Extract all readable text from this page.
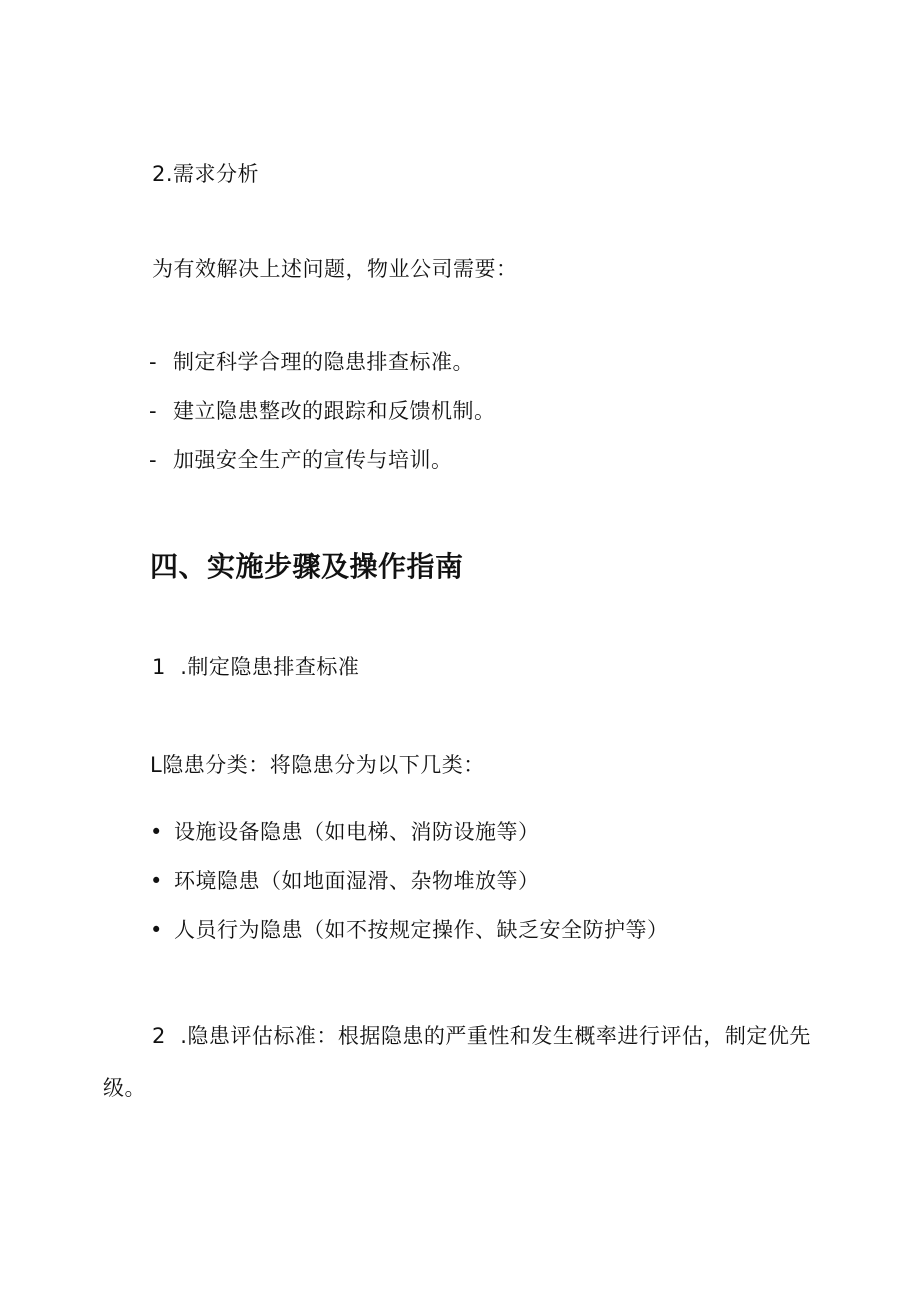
2.需求分析
为有效解决上述问题，物业公司需要：
- 制定科学合理的隐患排查标准。
- 建立隐患整改的跟踪和反馈机制。
- 加强安全生产的宣传与培训。
四、实施步骤及操作指南
1  .制定隐患排查标准
L隐患分类：将隐患分为以下几类：
• 设施设备隐患（如电梯、消防设施等）
• 环境隐患（如地面湿滑、杂物堆放等）
• 人员行为隐患（如不按规定操作、缺乏安全防护等）
2  .隐患评估标准：根据隐患的严重性和发生概率进行评估，制定优先级。
